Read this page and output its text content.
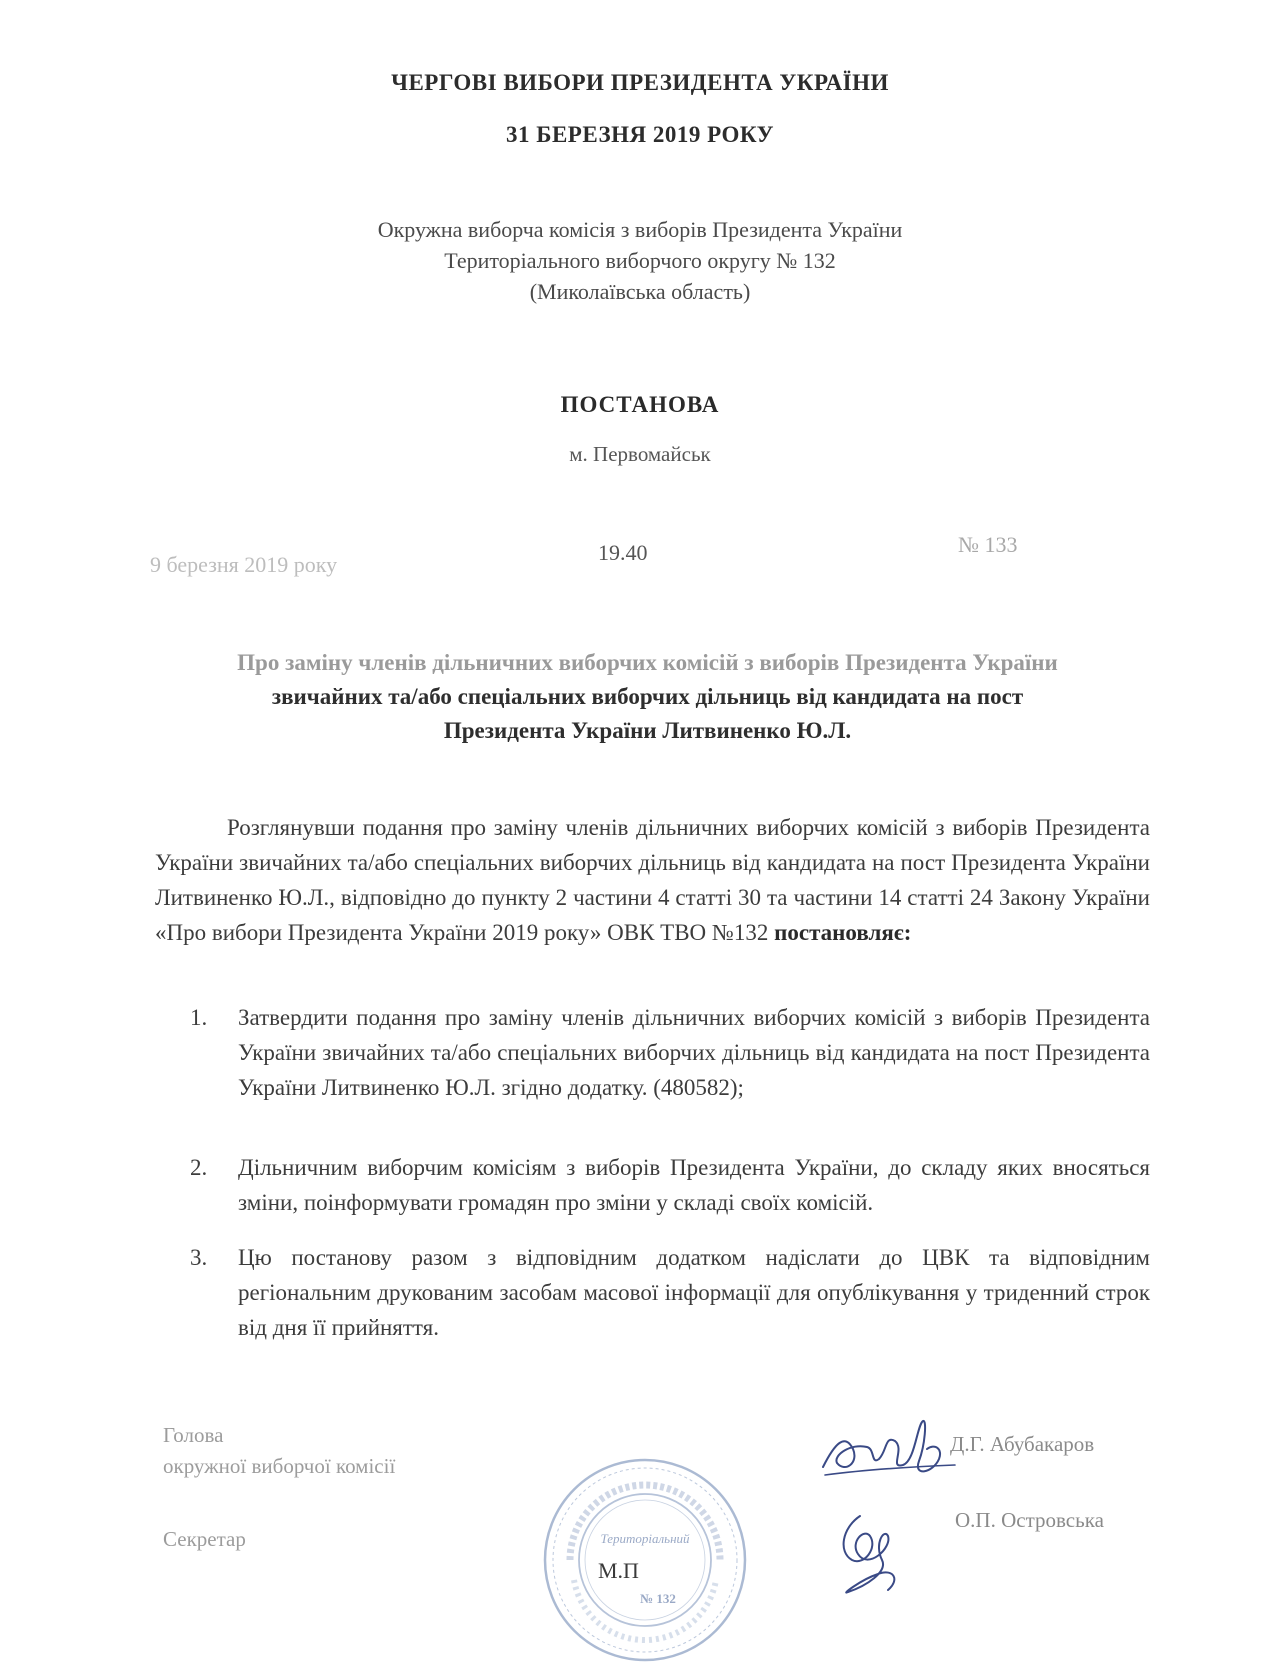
ЧЕРГОВІ ВИБОРИ ПРЕЗИДЕНТА УКРАЇНИ
31 БЕРЕЗНЯ 2019 РОКУ
Окружна виборча комісія з виборів Президента України
Територіального виборчого округу № 132
(Миколаївська область)
ПОСТАНОВА
м. Первомайськ
9 березня 2019 року	19.40	№ 133
Про заміну членів дільничних виборчих комісій з виборів Президента України
звичайних та/або спеціальних виборчих дільниць від кандидата на пост
Президента України Литвиненко Ю.Л.
Розглянувши подання про заміну членів дільничних виборчих комісій з виборів Президента України звичайних та/або спеціальних виборчих дільниць від кандидата на пост Президента України Литвиненко Ю.Л., відповідно до пункту 2 частини 4 статті 30 та частини 14 статті 24 Закону України «Про вибори Президента України 2019 року» ОВК ТВО №132 постановляє:
1.	Затвердити подання про заміну членів дільничних виборчих комісій з виборів Президента України звичайних та/або спеціальних виборчих дільниць від кандидата на пост Президента України Литвиненко Ю.Л. згідно додатку. (480582);
2.	Дільничним виборчим комісіям з виборів Президента України, до складу яких вносяться зміни, поінформувати громадян про зміни у складі своїх комісій.
3.	Цю постанову разом з відповідним додатком надіслати до ЦВК та відповідним регіональним друкованим засобам масової інформації для опублікування у триденний строк від дня її прийняття.
Голова
окружної виборчої комісії
Секретар
Д.Г. Абубакаров
О.П. Островська
Територіальний
№ 132
М.П
